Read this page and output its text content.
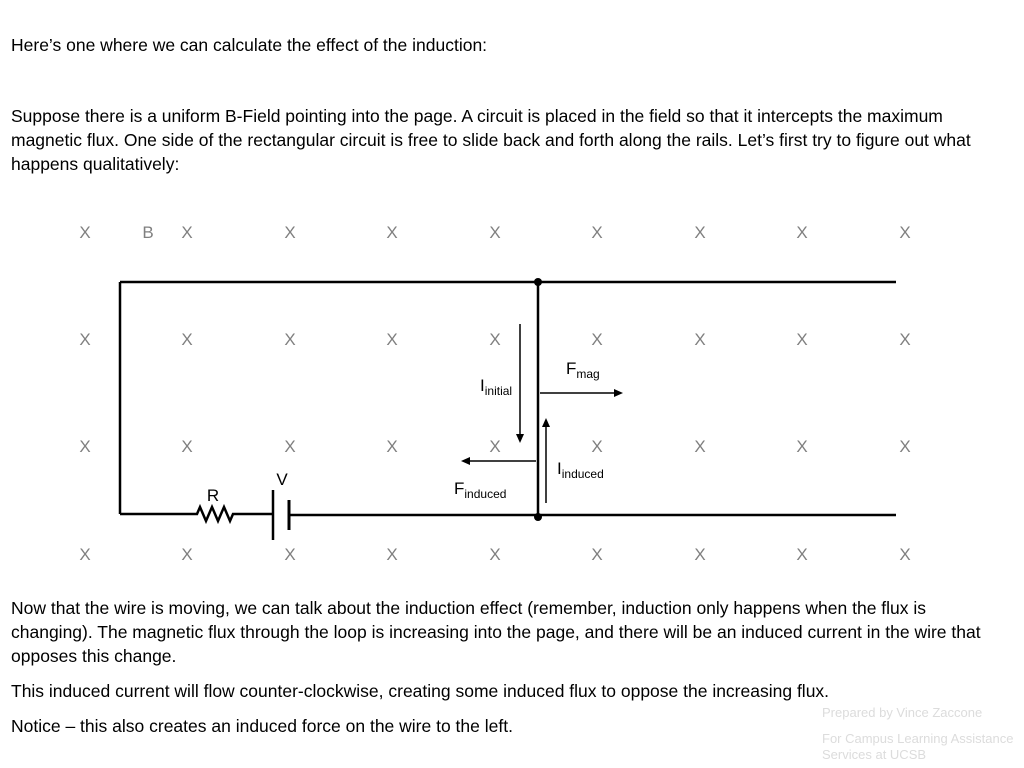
Here’s one where we can calculate the effect of the induction:

Suppose there is a uniform B-Field pointing into the page. A circuit is placed in the field so that it intercepts the maximum magnetic flux. One side of the rectangular circuit is free to slide back and forth along the rails. Let’s first try to figure out what happens qualitatively:

X	X	X	X	X	X	X	X	X
X	X	X	X	X	X	X	X	X
X	X	X	X	X	X	X	X	X
X	X	X	X	X	X	X	X	X
B
R
V
$I_{initial}$
$F_{mag}$
$I_{induced}$
$F_{induced}$

Now that the wire is moving, we can talk about the induction effect (remember, induction only happens when the flux is changing). The magnetic flux through the loop is increasing into the page, and there will be an induced current in the wire that opposes this change.

This induced current will flow counter-clockwise, creating some induced flux to oppose the increasing flux.

Notice – this also creates an induced force on the wire to the left.

Prepared by Vince Zaccone

For Campus Learning Assistance Services at UCSB
